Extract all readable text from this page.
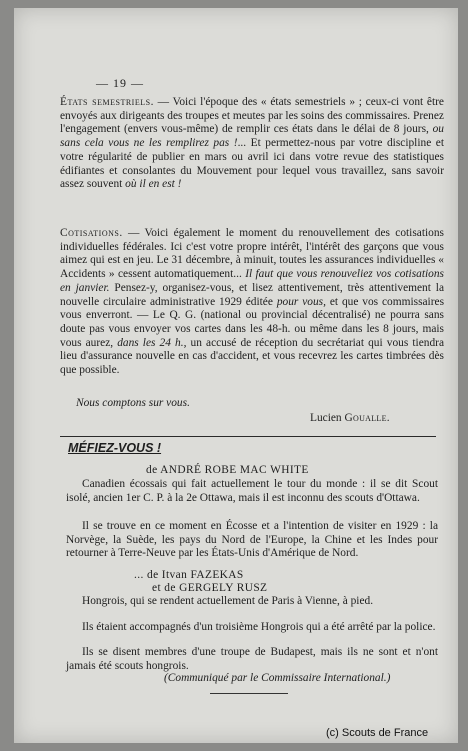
— 19 —
États semestriels. — Voici l'époque des « états semestriels » ; ceux-ci vont être envoyés aux dirigeants des troupes et meutes par les soins des commissaires. Prenez l'engagement (envers vous-même) de remplir ces états dans le délai de 8 jours, ou sans cela vous ne les remplirez pas !... Et permettez-nous par votre discipline et votre régularité de publier en mars ou avril ici dans votre revue des statistiques édifiantes et consolantes du Mouvement pour lequel vous travaillez, sans savoir assez souvent où il en est !
Cotisations. — Voici également le moment du renouvellement des cotisations individuelles fédérales. Ici c'est votre propre intérêt, l'intérêt des garçons que vous aimez qui est en jeu. Le 31 décembre, à minuit, toutes les assurances individuelles « Accidents » cessent automatiquement... Il faut que vous renouveliez vos cotisations en janvier. Pensez-y, organisez-vous, et lisez attentivement, très attentivement la nouvelle circulaire administrative 1929 éditée pour vous, et que vos commissaires vous enverront. — Le Q. G. (national ou provincial décentralisé) ne pourra sans doute pas vous envoyer vos cartes dans les 48-h. ou même dans les 8 jours, mais vous aurez, dans les 24 h., un accusé de réception du secrétariat qui vous tiendra lieu d'assurance nouvelle en cas d'accident, et vous recevrez les cartes timbrées dès que possible.
Nous comptons sur vous.
Lucien Goualle.
MÉFIEZ-VOUS !
de ANDRÉ ROBE MAC WHITE
Canadien écossais qui fait actuellement le tour du monde : il se dit Scout isolé, ancien 1er C. P. à la 2e Ottawa, mais il est inconnu des scouts d'Ottawa.
Il se trouve en ce moment en Écosse et a l'intention de visiter en 1929 : la Norvège, la Suède, les pays du Nord de l'Europe, la Chine et les Indes pour retourner à Terre-Neuve par les États-Unis d'Amérique de Nord.
... de Itvan FAZEKAS
et de GERGELY RUSZ
Hongrois, qui se rendent actuellement de Paris à Vienne, à pied.
Ils étaient accompagnés d'un troisième Hongrois qui a été arrêté par la police.
Ils se disent membres d'une troupe de Budapest, mais ils ne sont et n'ont jamais été scouts hongrois.
(Communiqué par le Commissaire International.)
(c) Scouts de France
